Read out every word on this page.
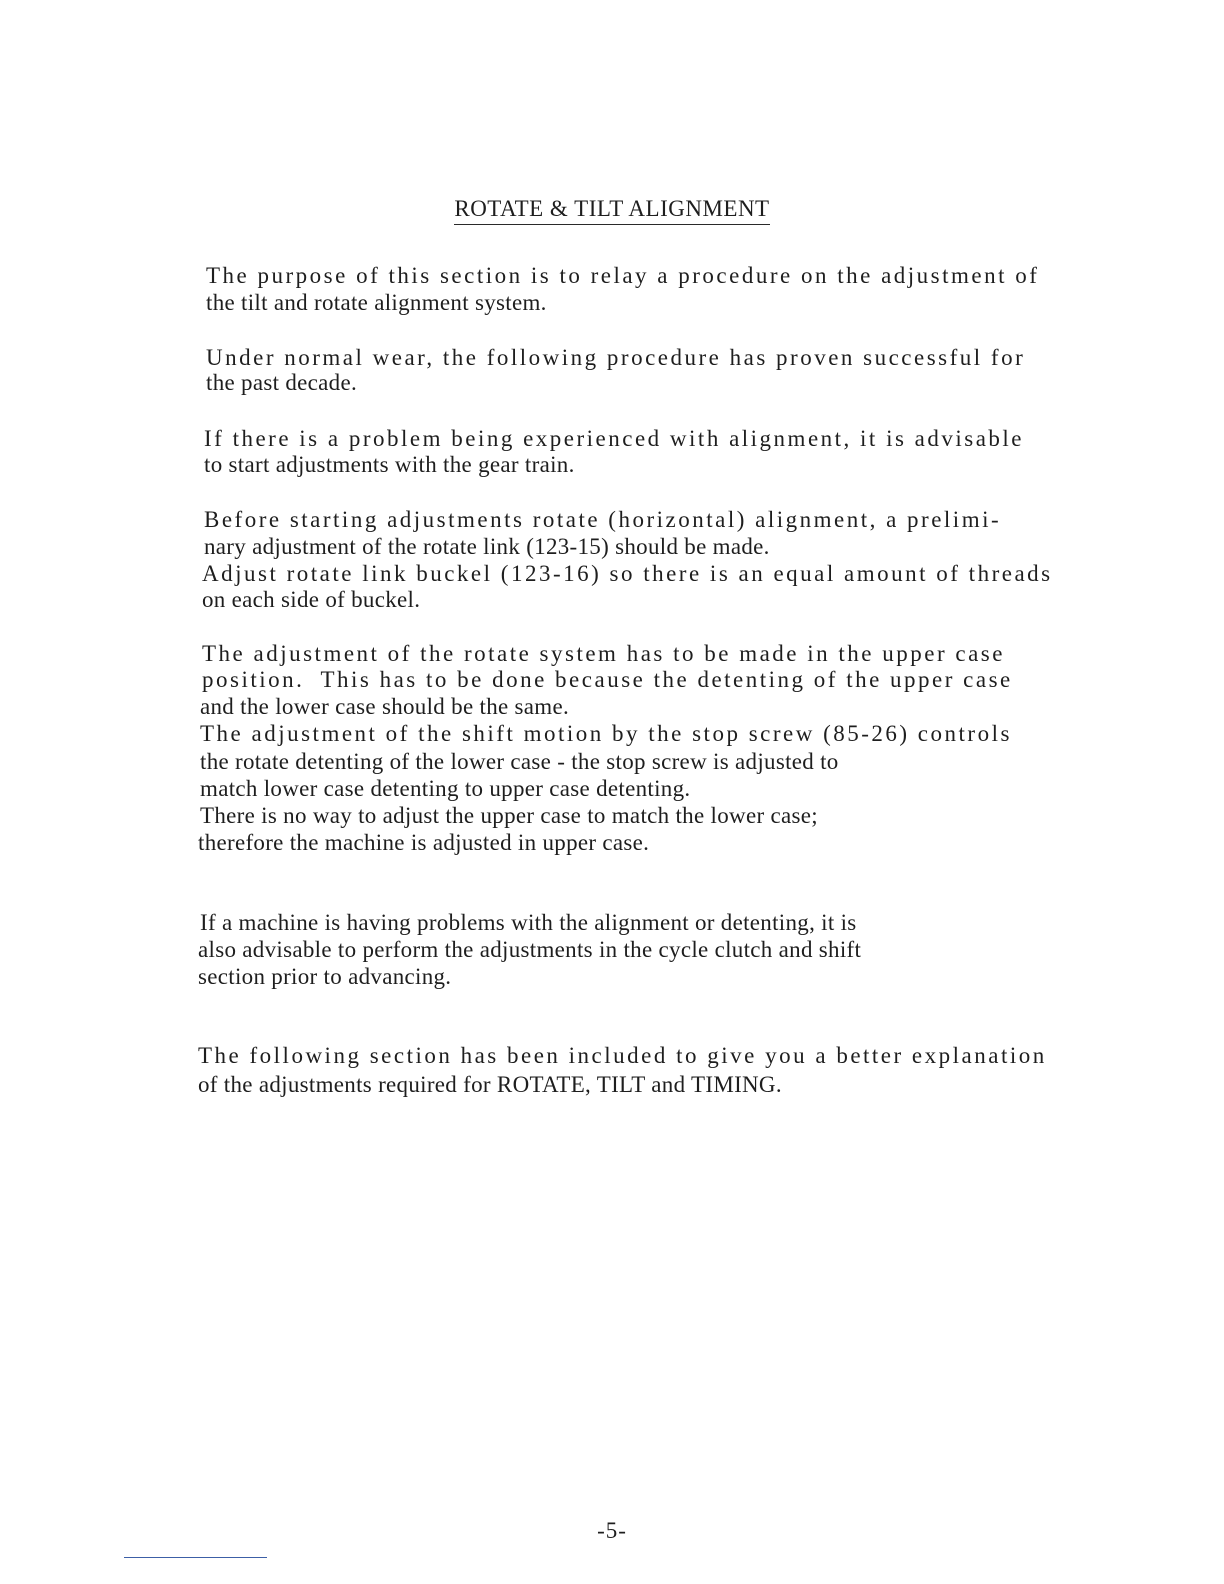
ROTATE & TILT ALIGNMENT
The purpose of this section is to relay a procedure on the adjustment of
the tilt and rotate alignment system.
Under normal wear, the following procedure has proven successful for
the past decade.
If there is a problem being experienced with alignment, it is advisable
to start adjustments with the gear train.
Before starting adjustments rotate (horizontal) alignment, a prelimi-
nary adjustment of the rotate link (123-15) should be made.
Adjust rotate link buckel (123-16) so there is an equal amount of threads
on each side of buckel.
The adjustment of the rotate system has to be made in the upper case
position.  This has to be done because the detenting of the upper case
and the lower case should be the same.
The adjustment of the shift motion by the stop screw (85-26) controls
the rotate detenting of the lower case - the stop screw is adjusted to
match lower case detenting to upper case detenting.
There is no way to adjust the upper case to match the lower case;
therefore the machine is adjusted in upper case.
If a machine is having problems with the alignment or detenting, it is
also advisable to perform the adjustments in the cycle clutch and shift
section prior to advancing.
The following section has been included to give you a better explanation
of the adjustments required for ROTATE, TILT and TIMING.
-5-
